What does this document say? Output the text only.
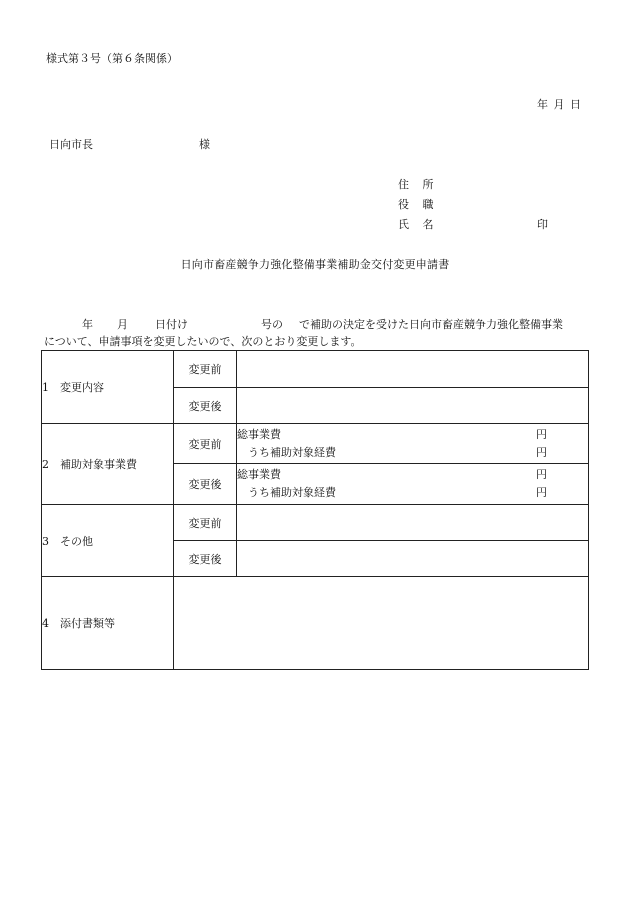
様式第３号（第６条関係）
年 月 日
日向市長	様
住 所
役 職
氏 名	印
日向市畜産競争力強化整備事業補助金交付変更申請書
年 月 日付け	号の で補助の決定を受けた日向市畜産競争力強化整備事業
について、申請事項を変更したいので、次のとおり変更します。
1　変更内容	変更前	
	変更後	
2　補助対象事業費	変更前	総事業費 円
うち補助対象経費 円

	変更後	総事業費 円
うち補助対象経費 円

3　その他	変更前	
	変更後	
4　添付書類等		
